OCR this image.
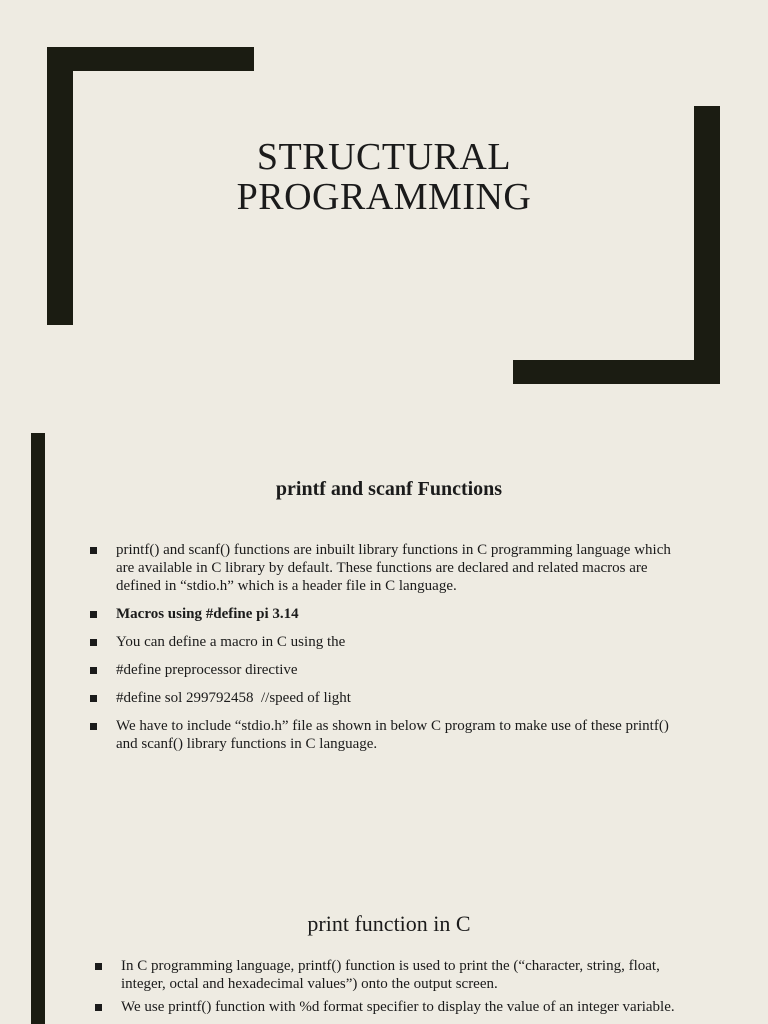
STRUCTURAL
PROGRAMMING
printf and scanf Functions
printf() and scanf() functions are inbuilt library functions in C programming language which are available in C library by default. These functions are declared and related macros are defined in “stdio.h” which is a header file in C language.
Macros using #define pi 3.14
You can define a macro in C using the
#define preprocessor directive
#define sol 299792458  //speed of light
We have to include “stdio.h” file as shown in below C program to make use of these printf() and scanf() library functions in C language.
print function in C
In C programming language, printf() function is used to print the (“character, string, float, integer, octal and hexadecimal values”) onto the output screen.
We use printf() function with %d format specifier to display the value of an integer variable.
